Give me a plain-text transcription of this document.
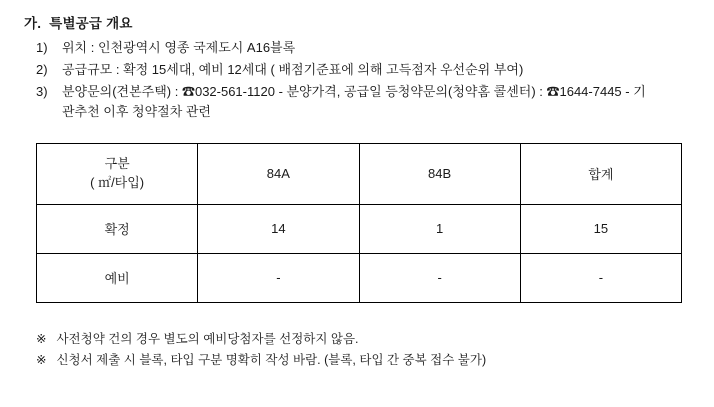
가. 특별공급 개요
1)	위치 : 인천광역시 영종 국제도시 A16블록
2)	공급규모 : 확정 15세대, 예비 12세대 ( 배점기준표에 의해 고득점자 우선순위 부여)
3)	분양문의(견본주택) : ☎032-561-1120 - 분양가격, 공급일 등청약문의(청약홈 콜센터) : ☎1644-7445 - 기관추천 이후 청약절차 관련
구분
( ㎡/타입)	84A	84B	합계
확정	14	1	15
예비	-	-	-
※ 사전청약 건의 경우 별도의 예비당첨자를 선정하지 않음.
※ 신청서 제출 시 블록, 타입 구분 명확히 작성 바람. (블록, 타입 간 중복 접수 불가)
